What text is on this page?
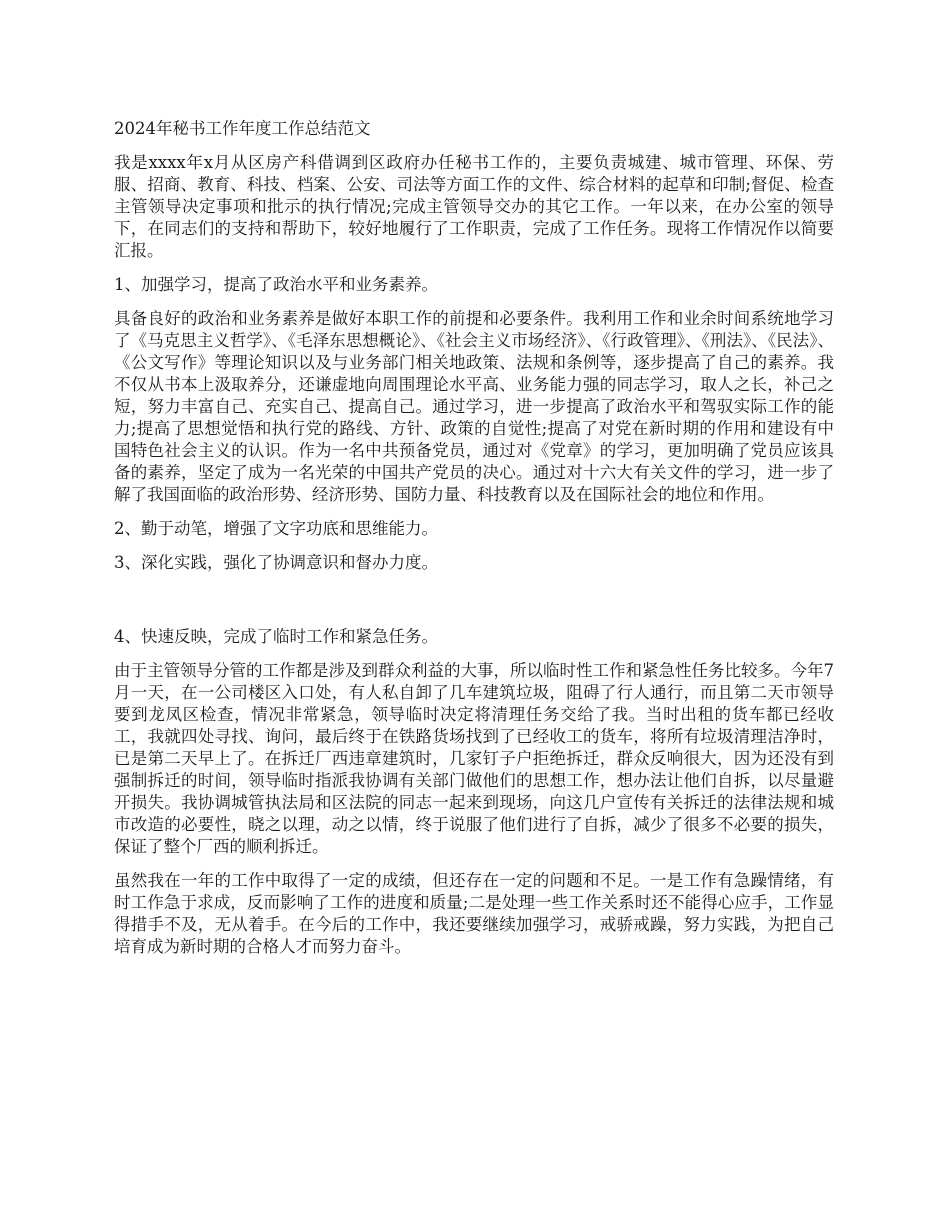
2024年秘书工作年度工作总结范文

我是xxxx年x月从区房产科借调到区政府办任秘书工作的，主要负责城建、城市管理、环保、劳服、招商、教育、科技、档案、公安、司法等方面工作的文件、综合材料的起草和印制;督促、检查主管领导决定事项和批示的执行情况;完成主管领导交办的其它工作。一年以来，在办公室的领导下，在同志们的支持和帮助下，较好地履行了工作职责，完成了工作任务。现将工作情况作以简要汇报。

1、加强学习，提高了政治水平和业务素养。

具备良好的政治和业务素养是做好本职工作的前提和必要条件。我利用工作和业余时间系统地学习了《马克思主义哲学》、《毛泽东思想概论》、《社会主义市场经济》、《行政管理》、《刑法》、《民法》、《公文写作》等理论知识以及与业务部门相关地政策、法规和条例等，逐步提高了自己的素养。我不仅从书本上汲取养分，还谦虚地向周围理论水平高、业务能力强的同志学习，取人之长，补己之短，努力丰富自己、充实自己、提高自己。通过学习，进一步提高了政治水平和驾驭实际工作的能力;提高了思想觉悟和执行党的路线、方针、政策的自觉性;提高了对党在新时期的作用和建设有中国特色社会主义的认识。作为一名中共预备党员，通过对《党章》的学习，更加明确了党员应该具备的素养，坚定了成为一名光荣的中国共产党员的决心。通过对十六大有关文件的学习，进一步了解了我国面临的政治形势、经济形势、国防力量、科技教育以及在国际社会的地位和作用。

2、勤于动笔，增强了文字功底和思维能力。
3、深化实践，强化了协调意识和督办力度。
4、快速反映，完成了临时工作和紧急任务。

由于主管领导分管的工作都是涉及到群众利益的大事，所以临时性工作和紧急性任务比较多。今年7月一天，在一公司楼区入口处，有人私自卸了几车建筑垃圾，阻碍了行人通行，而且第二天市领导要到龙凤区检查，情况非常紧急，领导临时决定将清理任务交给了我。当时出租的货车都已经收工，我就四处寻找、询问，最后终于在铁路货场找到了已经收工的货车，将所有垃圾清理洁净时，已是第二天早上了。在拆迁厂西违章建筑时，几家钉子户拒绝拆迁，群众反响很大，因为还没有到强制拆迁的时间，领导临时指派我协调有关部门做他们的思想工作，想办法让他们自拆，以尽量避开损失。我协调城管执法局和区法院的同志一起来到现场，向这几户宣传有关拆迁的法律法规和城市改造的必要性，晓之以理，动之以情，终于说服了他们进行了自拆，减少了很多不必要的损失，保证了整个厂西的顺利拆迁。

虽然我在一年的工作中取得了一定的成绩，但还存在一定的问题和不足。一是工作有急躁情绪，有时工作急于求成，反而影响了工作的进度和质量;二是处理一些工作关系时还不能得心应手，工作显得措手不及，无从着手。在今后的工作中，我还要继续加强学习，戒骄戒躁，努力实践，为把自己培育成为新时期的合格人才而努力奋斗。
